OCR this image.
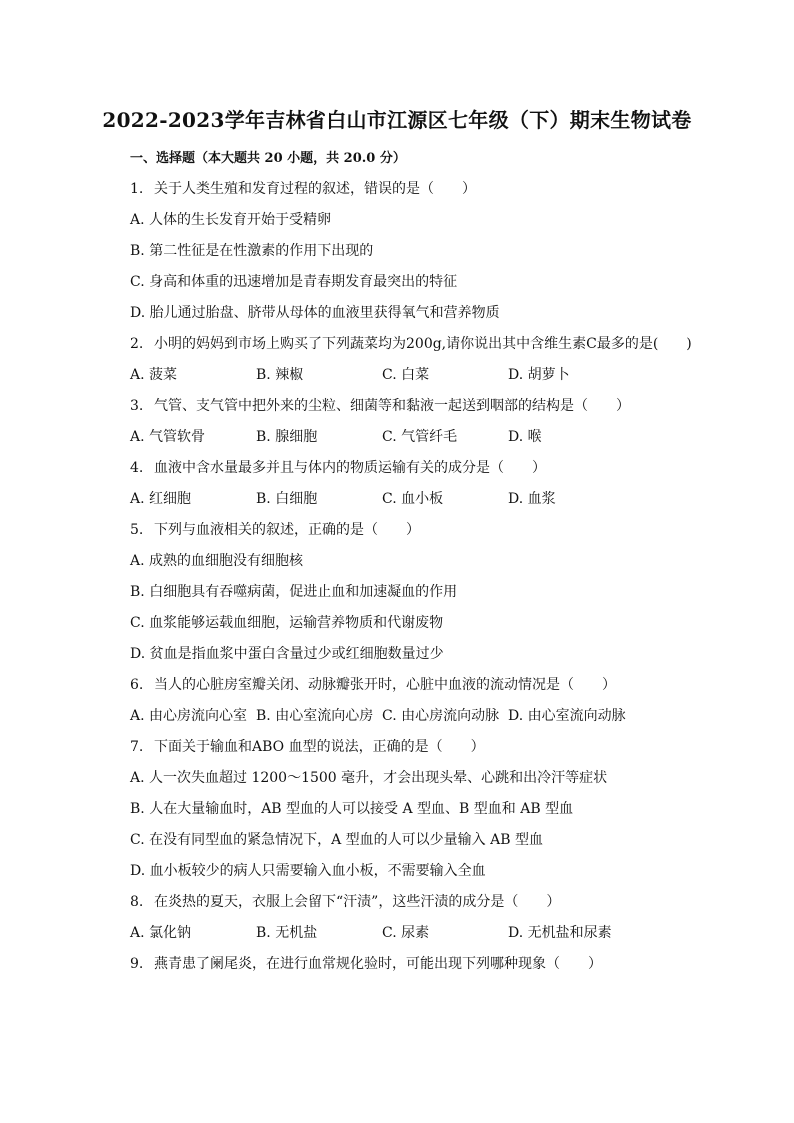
2022-2023学年吉林省白山市江源区七年级（下）期末生物试卷
一、选择题（本大题共 20 小题，共 20.0 分）
1. 关于人类生殖和发育过程的叙述，错误的是（　　）
A. 人体的生长发育开始于受精卵
B. 第二性征是在性激素的作用下出现的
C. 身高和体重的迅速增加是青春期发育最突出的特征
D. 胎儿通过胎盘、脐带从母体的血液里获得氧气和营养物质
2. 小明的妈妈到市场上购买了下列蔬菜均为200g,请你说出其中含维生素C最多的是(　　)
A. 菠菜	B. 辣椒	C. 白菜	D. 胡萝卜
3. 气管、支气管中把外来的尘粒、细菌等和黏液一起送到咽部的结构是（　　）
A. 气管软骨	B. 腺细胞	C. 气管纤毛	D. 喉
4. 血液中含水量最多并且与体内的物质运输有关的成分是（　　）
A. 红细胞	B. 白细胞	C. 血小板	D. 血浆
5. 下列与血液相关的叙述，正确的是（　　）
A. 成熟的血细胞没有细胞核
B. 白细胞具有吞噬病菌，促进止血和加速凝血的作用
C. 血浆能够运载血细胞，运输营养物质和代谢废物
D. 贫血是指血浆中蛋白含量过少或红细胞数量过少
6. 当人的心脏房室瓣关闭、动脉瓣张开时，心脏中血液的流动情况是（　　）
A. 由心房流向心室 B. 由心室流向心房 C. 由心房流向动脉 D. 由心室流向动脉
7. 下面关于输血和ABO 血型的说法，正确的是（　　）
A. 人一次失血超过 1200～1500 毫升，才会出现头晕、心跳和出冷汗等症状
B. 人在大量输血时，AB 型血的人可以接受 A 型血、B 型血和 AB 型血
C. 在没有同型血的紧急情况下，A 型血的人可以少量输入 AB 型血
D. 血小板较少的病人只需要输入血小板，不需要输入全血
8. 在炎热的夏天，衣服上会留下“汗渍”，这些汗渍的成分是（　　）
A. 氯化钠	B. 无机盐	C. 尿素	D. 无机盐和尿素
9. 燕青患了阑尾炎，在进行血常规化验时，可能出现下列哪种现象（　　）
